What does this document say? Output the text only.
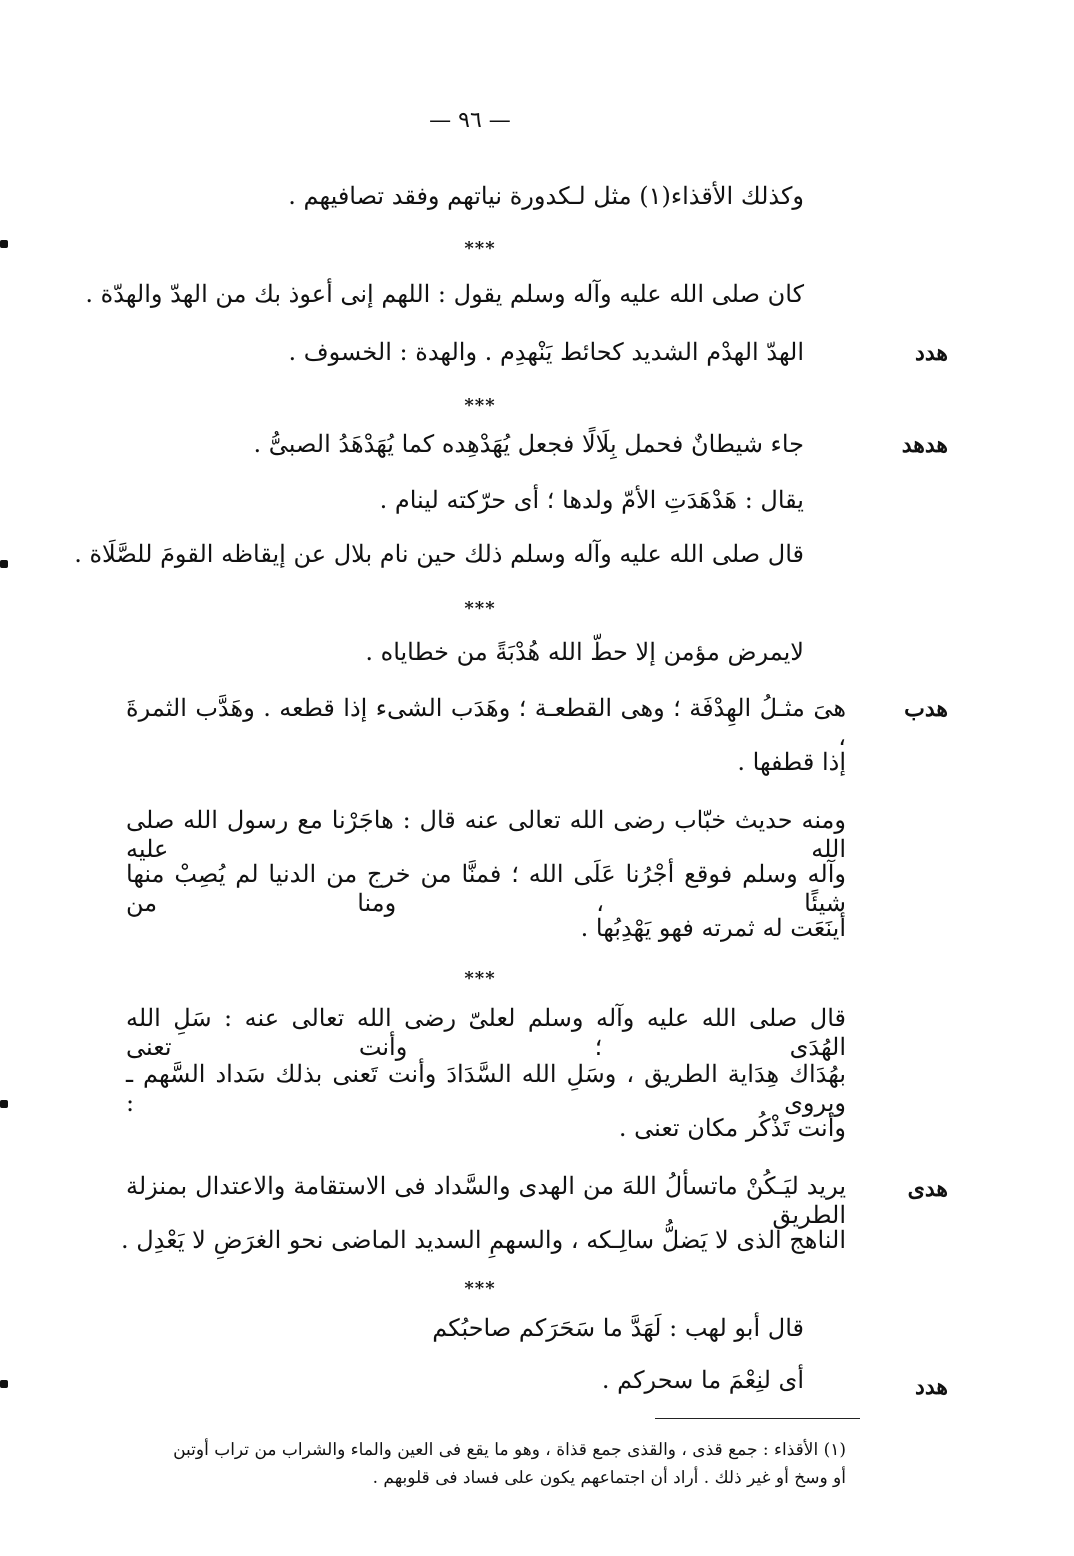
— ٩٦ —
وكذلك الأقذاء(١) مثل لـكدورة نياتهم وفقد تصافيهم .
***
كان صلى الله عليه وآله وسلم يقول : اللهم إنى أعوذ بك من الهدّ والهدّة .
هدد
الهدّ الهدْم الشديد كحائط يَنْهدِم . والهدة : الخسوف .
***
هدهد
جاء شيطانٌ فحمل بِلَالًا فجعل يُهَدْهِده كما يُهَدْهَدُ الصبىُّ .
يقال : هَدْهَدَتِ الأمّ ولدها ؛ أى حرّكته لينام .
قال صلى الله عليه وآله وسلم ذلك حين نام بلال عن إيقاظه القومَ للصَّلَاة .
***
لايمرض مؤمن إلا حطّ الله هُدْبَةً من خطاياه .
هدب
هىَ مثـلُ الهِدْفَة ؛ وهى القطعـة ؛ وهَدَب الشىء إذا قطعه . وهَدَّب الثمرةَ ،
إذا قطفها .
ومنه حديث خبّاب رضى الله تعالى عنه قال : هاجَرْنا مع رسول الله صلى الله عليه
وآله وسلم فوقع أجْرُنا عَلَى الله ؛ فمنَّا من خرج من الدنيا لم يُصِبْ منها شيئًا ، ومنا من
أينَعَت له ثمرته فهو يَهْدِبُها .
***
قال صلى الله عليه وآله وسلم لعلىّ رضى الله تعالى عنه : سَلِ الله الهُدَى ؛ وأنت تعنى
بهُدَاك هِدَاية الطريق ، وسَلِ الله السَّدَادَ وأنت تَعنى بذلك سَداد السَّهم ـ ويروى :
وأنت تَذْكُر مكان تعنى .
هدى
يريد ليَـكُنْ ماتسألُ اللهَ من الهدى والسَّداد فى الاستقامة والاعتدال بمنزلة الطريق
الناهج الذى لا يَضلُّ سالِـكه ، والسهمِ السديد الماضى نحو الغرَضِ لا يَعْدِل .
***
قال أبو لهب : لَهَدَّ ما سَحَرَكم صاحبُكم
هدد
أى لنِعْمَ ما سحركم .
(١) الأقذاء : جمع قذى ، والقذى جمع قذاة ، وهو ما يقع فى العين والماء والشراب من تراب أوتبن
أو وسخ أو غير ذلك . أراد أن اجتماعهم يكون على فساد فى قلوبهم .
